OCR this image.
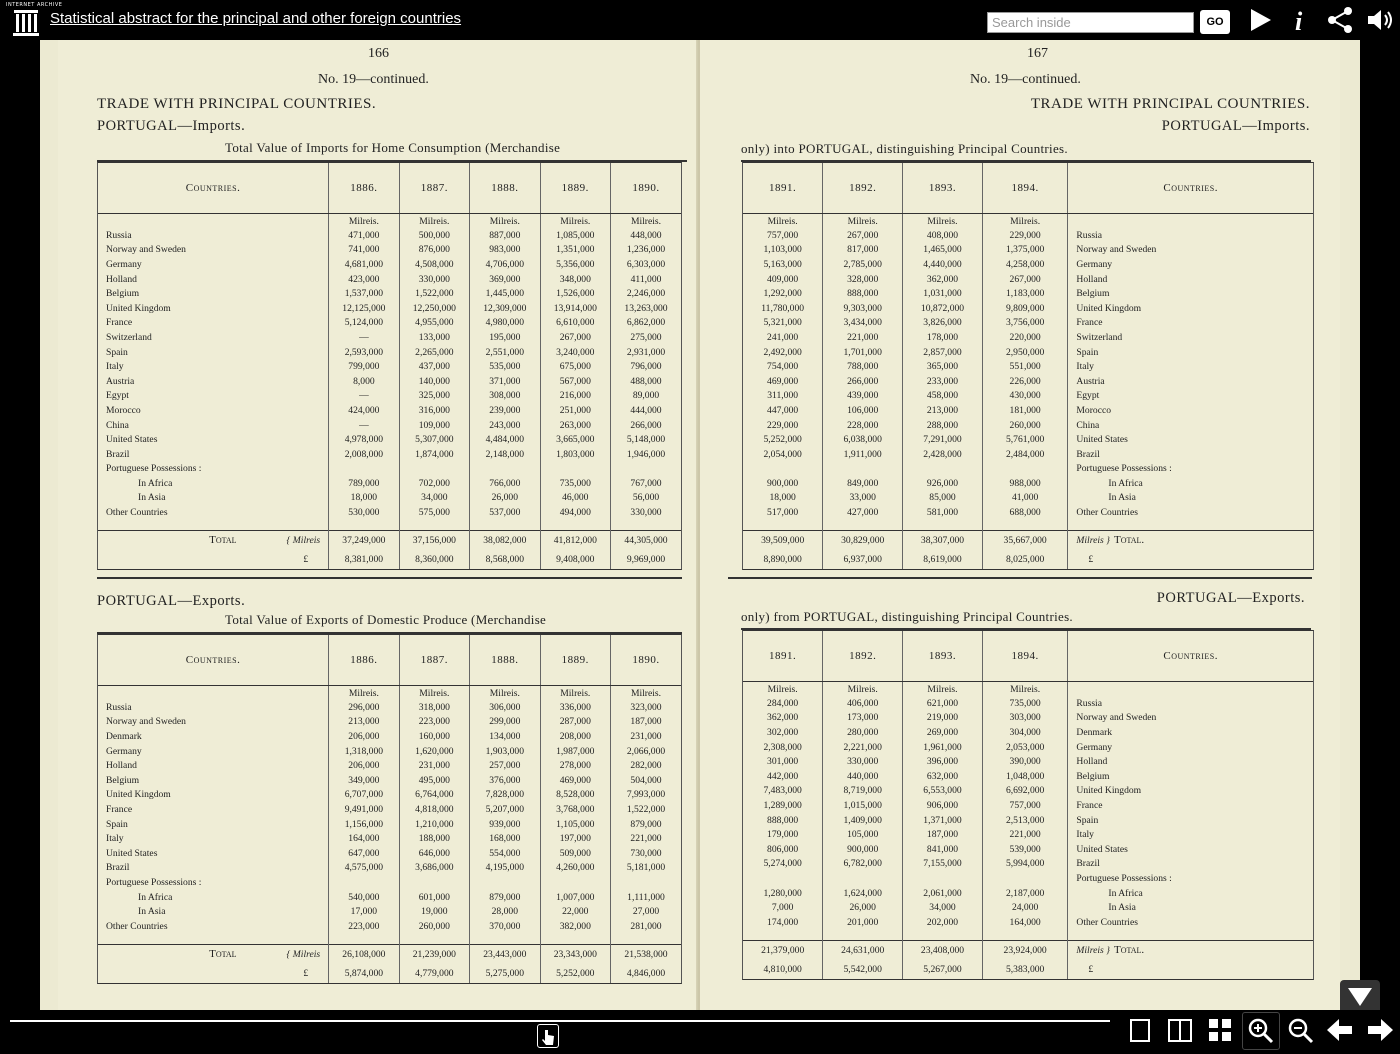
INTERNET ARCHIVE
Statistical abstract for the principal and other foreign countries
Search inside	GO	i
166
No. 19—continued.
TRADE WITH PRINCIPAL COUNTRIES.
PORTUGAL—Imports.
Total Value of Imports for Home Consumption (Merchandise
Countries.	1886.	1887.	1888.	1889.	1890.
	Milreis.	Milreis.	Milreis.	Milreis.	Milreis.
Russia	471,000	500,000	887,000	1,085,000	448,000
Norway and Sweden	741,000	876,000	983,000	1,351,000	1,236,000
Germany	4,681,000	4,508,000	4,706,000	5,356,000	6,303,000
Holland	423,000	330,000	369,000	348,000	411,000
Belgium	1,537,000	1,522,000	1,445,000	1,526,000	2,246,000
United Kingdom	12,125,000	12,250,000	12,309,000	13,914,000	13,263,000
France	5,124,000	4,955,000	4,980,000	6,610,000	6,862,000
Switzerland	—	133,000	195,000	267,000	275,000
Spain	2,593,000	2,265,000	2,551,000	3,240,000	2,931,000
Italy	799,000	437,000	535,000	675,000	796,000
Austria	8,000	140,000	371,000	567,000	488,000
Egypt	—	325,000	308,000	216,000	89,000
Morocco	424,000	316,000	239,000	251,000	444,000
China	—	109,000	243,000	263,000	266,000
United States	4,978,000	5,307,000	4,484,000	3,665,000	5,148,000
Brazil	2,008,000	1,874,000	2,148,000	1,803,000	1,946,000
Portuguese Possessions :					
In Africa	789,000	702,000	766,000	735,000	767,000
In Asia	18,000	34,000	26,000	46,000	56,000
Other Countries	530,000	575,000	537,000	494,000	330,000

Total { Milreis	37,249,000	37,156,000	38,082,000	41,812,000	44,305,000
£	8,381,000	8,360,000	8,568,000	9,408,000	9,969,000
PORTUGAL—Exports.
Total Value of Exports of Domestic Produce (Merchandise
Countries.	1886.	1887.	1888.	1889.	1890.
	Milreis.	Milreis.	Milreis.	Milreis.	Milreis.
Russia	296,000	318,000	306,000	336,000	323,000
Norway and Sweden	213,000	223,000	299,000	287,000	187,000
Denmark	206,000	160,000	134,000	208,000	231,000
Germany	1,318,000	1,620,000	1,903,000	1,987,000	2,066,000
Holland	206,000	231,000	257,000	278,000	282,000
Belgium	349,000	495,000	376,000	469,000	504,000
United Kingdom	6,707,000	6,764,000	7,828,000	8,528,000	7,993,000
France	9,491,000	4,818,000	5,207,000	3,768,000	1,522,000
Spain	1,156,000	1,210,000	939,000	1,105,000	879,000
Italy	164,000	188,000	168,000	197,000	221,000
United States	647,000	646,000	554,000	509,000	730,000
Brazil	4,575,000	3,686,000	4,195,000	4,260,000	5,181,000
Portuguese Possessions :					
In Africa	540,000	601,000	879,000	1,007,000	1,111,000
In Asia	17,000	19,000	28,000	22,000	27,000
Other Countries	223,000	260,000	370,000	382,000	281,000

Total { Milreis	26,108,000	21,239,000	23,443,000	23,343,000	21,538,000
£	5,874,000	4,779,000	5,275,000	5,252,000	4,846,000
167
No. 19—continued.
TRADE WITH PRINCIPAL COUNTRIES.
PORTUGAL—Imports.
only) into PORTUGAL, distinguishing Principal Countries.
1891.	1892.	1893.	1894.	Countries.
Milreis.	Milreis.	Milreis.	Milreis.	
757,000	267,000	408,000	229,000	Russia
1,103,000	817,000	1,465,000	1,375,000	Norway and Sweden
5,163,000	2,785,000	4,440,000	4,258,000	Germany
409,000	328,000	362,000	267,000	Holland
1,292,000	888,000	1,031,000	1,183,000	Belgium
11,780,000	9,303,000	10,872,000	9,809,000	United Kingdom
5,321,000	3,434,000	3,826,000	3,756,000	France
241,000	221,000	178,000	220,000	Switzerland
2,492,000	1,701,000	2,857,000	2,950,000	Spain
754,000	788,000	365,000	551,000	Italy
469,000	266,000	233,000	226,000	Austria
311,000	439,000	458,000	430,000	Egypt
447,000	106,000	213,000	181,000	Morocco
229,000	228,000	288,000	260,000	China
5,252,000	6,038,000	7,291,000	5,761,000	United States
2,054,000	1,911,000	2,428,000	2,484,000	Brazil
				Portuguese Possessions :
900,000	849,000	926,000	988,000	In Africa
18,000	33,000	85,000	41,000	In Asia
517,000	427,000	581,000	688,000	Other Countries

39,509,000	30,829,000	38,307,000	35,667,000	Milreis } Total.
8,890,000	6,937,000	8,619,000	8,025,000	£
PORTUGAL—Exports.
only) from PORTUGAL, distinguishing Principal Countries.
1891.	1892.	1893.	1894.	Countries.
Milreis.	Milreis.	Milreis.	Milreis.	
284,000	406,000	621,000	735,000	Russia
362,000	173,000	219,000	303,000	Norway and Sweden
302,000	280,000	269,000	304,000	Denmark
2,308,000	2,221,000	1,961,000	2,053,000	Germany
301,000	330,000	396,000	390,000	Holland
442,000	440,000	632,000	1,048,000	Belgium
7,483,000	8,719,000	6,553,000	6,692,000	United Kingdom
1,289,000	1,015,000	906,000	757,000	France
888,000	1,409,000	1,371,000	2,513,000	Spain
179,000	105,000	187,000	221,000	Italy
806,000	900,000	841,000	539,000	United States
5,274,000	6,782,000	7,155,000	5,994,000	Brazil
				Portuguese Possessions :
1,280,000	1,624,000	2,061,000	2,187,000	In Africa
7,000	26,000	34,000	24,000	In Asia
174,000	201,000	202,000	164,000	Other Countries

21,379,000	24,631,000	23,408,000	23,924,000	Milreis } Total.
4,810,000	5,542,000	5,267,000	5,383,000	£
